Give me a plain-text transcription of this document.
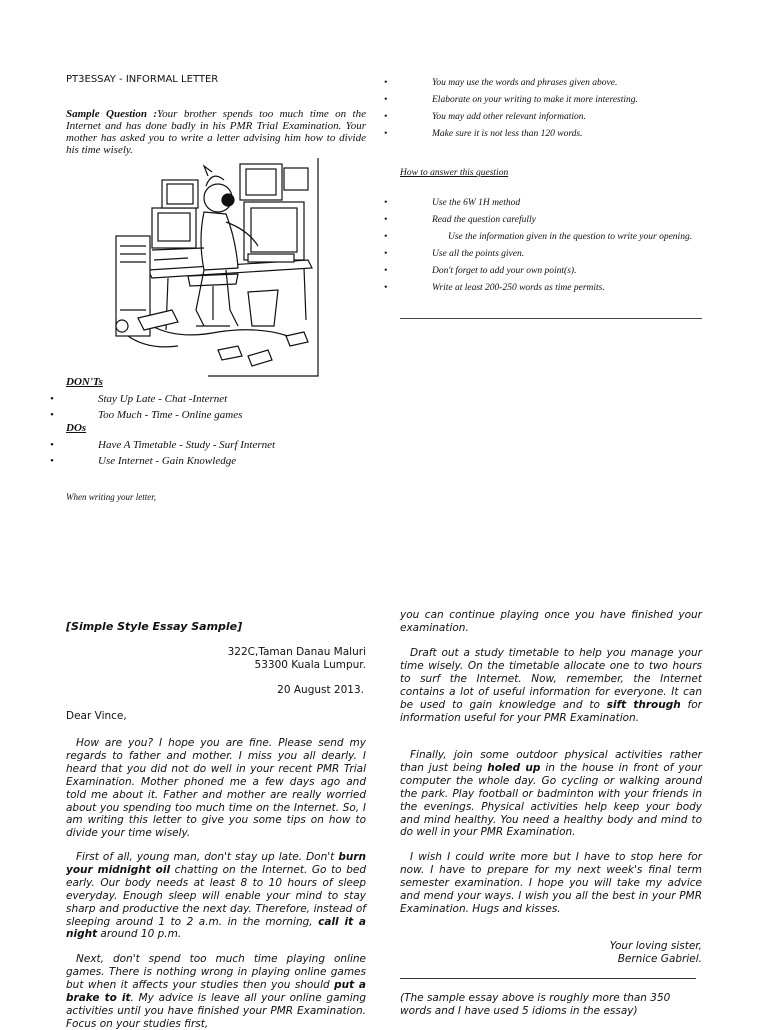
PT3ESSAY - INFORMAL LETTER
Sample Question :Your brother spends too much time on the Internet and has done badly in his PMR Trial Examination. Your mother has asked you to write a letter advising him how to divide his time wisely.
DON'Ts
•	Stay Up Late - Chat -Internet
•	Too Much - Time - Online games
DOs
•	Have A Timetable - Study - Surf Internet
•	Use Internet - Gain Knowledge
When writing your letter,
•	You may use the words and phrases given above.
•	Elaborate on your writing to make it more interesting.
•	You may add other relevant information.
•	Make sure it is not less than 120 words.
How to answer this question
•	Use the 6W 1H method
•	Read the question carefully
•	Use the information given in the question to write your opening.
•	Use all the points given.
•	Don't forget to add your own point(s).
•	Write at least 200-250 words as time permits.
[Simple Style Essay Sample]
322C,Taman Danau Maluri
53300 Kuala Lumpur.
20 August 2013.
Dear Vince,
How are you? I hope you are fine. Please send my regards to father and mother. I miss you all dearly. I heard that you did not do well in your recent PMR Trial Examination. Mother phoned me a few days ago and told me about it. Father and mother are really worried about you spending too much time on the Internet. So, I am writing this letter to give you some tips on how to divide your time wisely.
First of all, young man, don't stay up late. Don't burn your midnight oil chatting on the Internet. Go to bed early. Our body needs at least 8 to 10 hours of sleep everyday. Enough sleep will enable your mind to stay sharp and productive the next day. Therefore, instead of sleeping around 1 to 2 a.m. in the morning, call it a night around 10 p.m.
Next, don't spend too much time playing online games. There is nothing wrong in playing online games but when it affects your studies then you should put a brake to it. My advice is leave all your online gaming activities until you have finished your PMR Examination. Focus on your studies first,
you can continue playing once you have finished your examination.
Draft out a study timetable to help you manage your time wisely. On the timetable allocate one to two hours to surf the Internet. Now, remember, the Internet contains a lot of useful information for everyone. It can be used to gain knowledge and to sift through for information useful for your PMR Examination.
Finally, join some outdoor physical activities rather than just being holed up in the house in front of your computer the whole day. Go cycling or walking around the park. Play football or badminton with your friends in the evenings. Physical activities help keep your body and mind healthy. You need a healthy body and mind to do well in your PMR Examination.
I wish I could write more but I have to stop here for now. I have to prepare for my next week's final term semester examination. I hope you will take my advice and mend your ways. I wish you all the best in your PMR Examination. Hugs and kisses.
Your loving sister,
Bernice Gabriel.
(The sample essay above is roughly more than 350 words and I have used 5 idioms in the essay)
